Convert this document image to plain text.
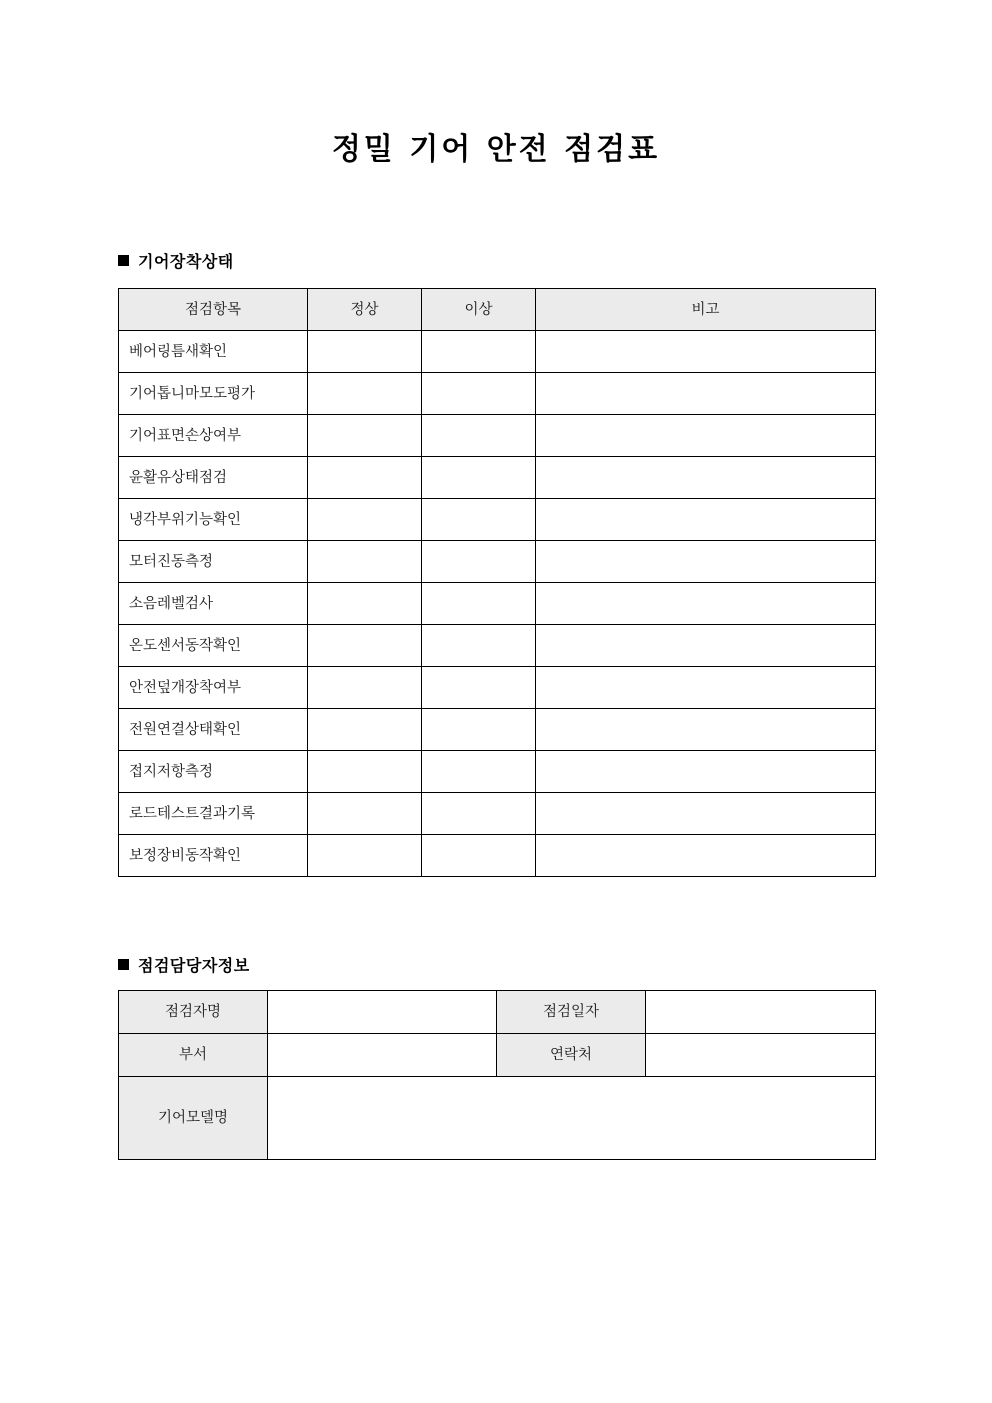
정밀 기어 안전 점검표
기어장착상태
점검항목	정상	이상	비고
베어링틈새확인			
기어톱니마모도평가			
기어표면손상여부			
윤활유상태점검			
냉각부위기능확인			
모터진동측정			
소음레벨검사			
온도센서동작확인			
안전덮개장착여부			
전원연결상태확인			
접지저항측정			
로드테스트결과기록			
보정장비동작확인			
점검담당자정보
점검자명		점검일자	
부서		연락처	
기어모델명			
